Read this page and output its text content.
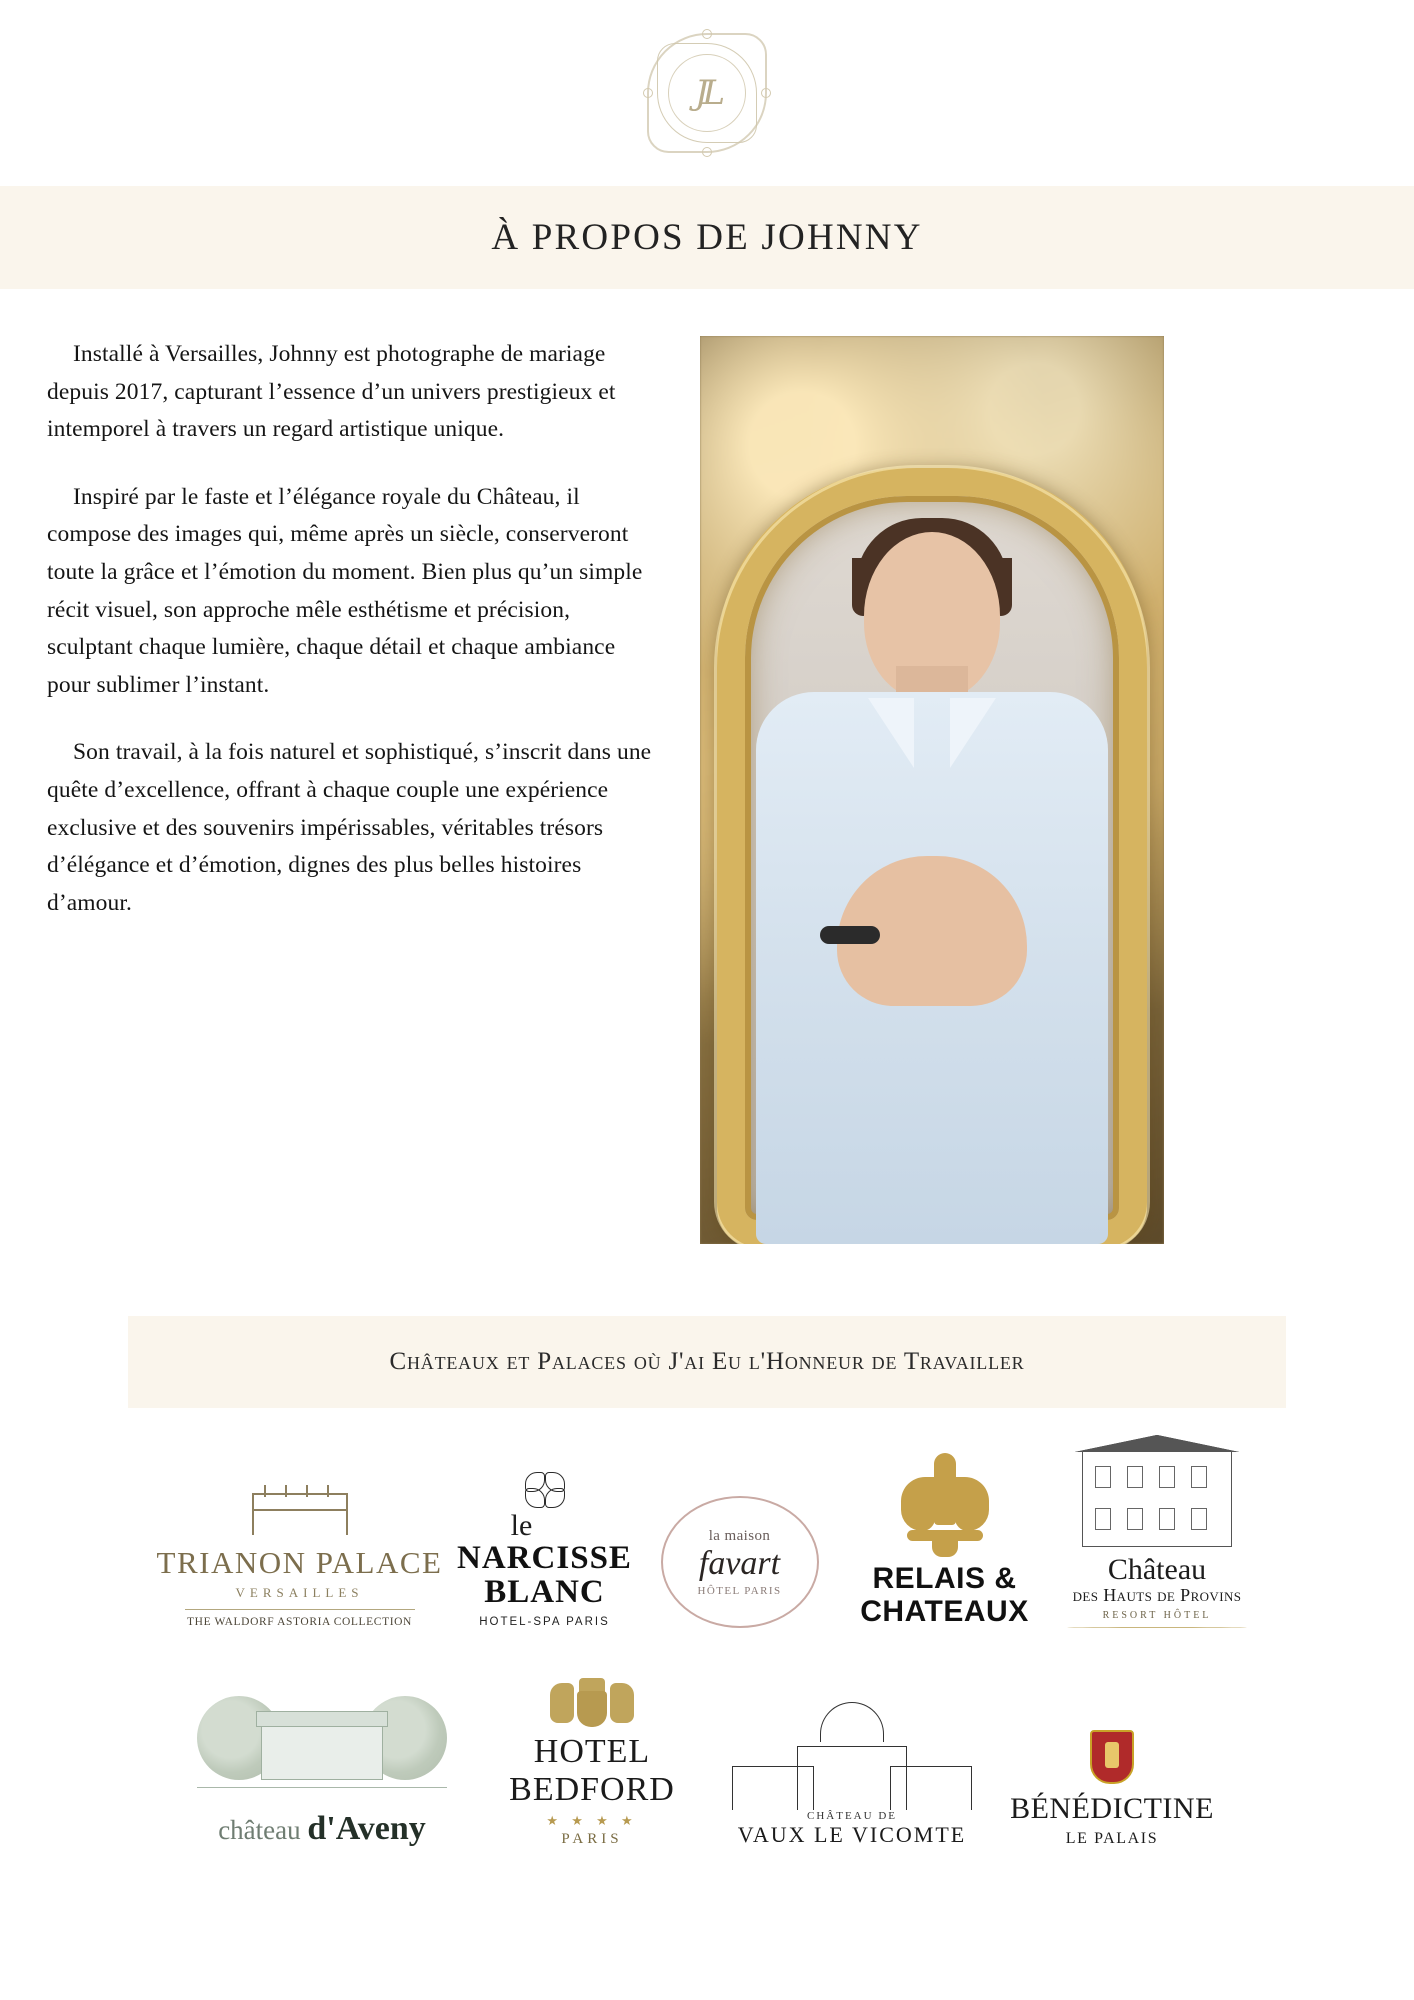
JL
À PROPOS DE JOHNNY

Installé à Versailles, Johnny est photographe de mariage depuis 2017, capturant l’essence d’un univers prestigieux et intemporel à travers un regard artistique unique.

Inspiré par le faste et l’élégance royale du Château, il compose des images qui, même après un siècle, conserveront toute la grâce et l’émotion du moment. Bien plus qu’un simple récit visuel, son approche mêle esthétisme et précision, sculptant chaque lumière, chaque détail et chaque ambiance pour sublimer l’instant.

Son travail, à la fois naturel et sophistiqué, s’inscrit dans une quête d’excellence, offrant à chaque couple une expérience exclusive et des souvenirs impérissables, véritables trésors d’élégance et d’émotion, dignes des plus belles histoires d’amour.

Châteaux et Palaces où J'ai Eu l'Honneur de Travailler
TRIANON PALACE
VERSAILLES
THE WALDORF ASTORIA COLLECTION
le
NARCISSE
BLANC
HOTEL-SPA PARIS
la maison
favart
HÔTEL PARIS	RELAIS &
CHATEAUX
Château
des Hauts de Provins
RESORT HÔTEL
château d'Aveny
HOTEL BEDFORD
★ ★ ★ ★
PARIS
CHÂTEAU DE
VAUX LE VICOMTE
BÉNÉDICTINE
LE PALAIS
